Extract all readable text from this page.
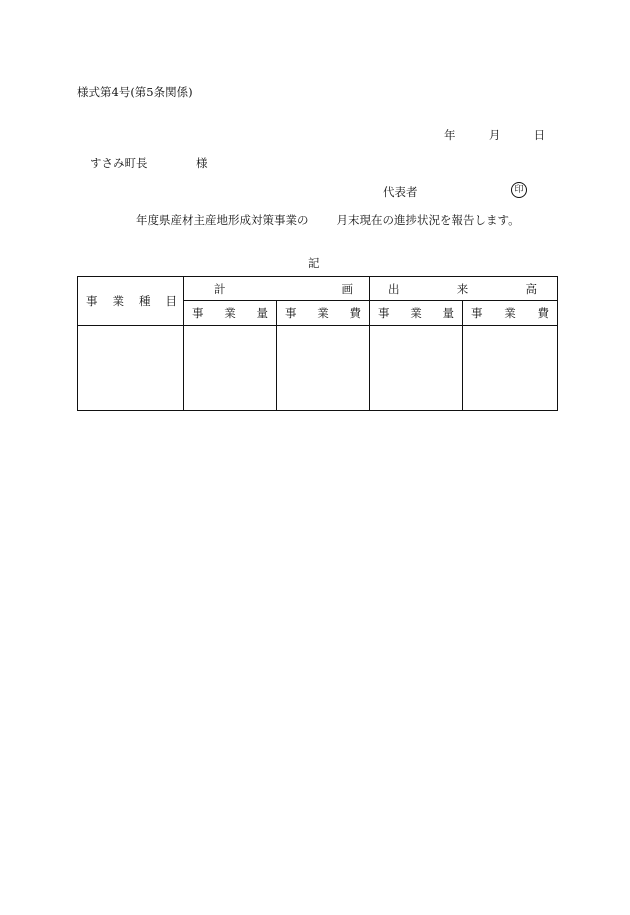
様式第4号(第5条関係)
年	月	日
すさみ町長	様
代表者	印
年度県産材主産地形成対策事業の 月末現在の進捗状況を報告します。
記
事 業 種 目	計 画		出 来 高	

	事 業 量	事 業 費	事 業 量	事 業 費
